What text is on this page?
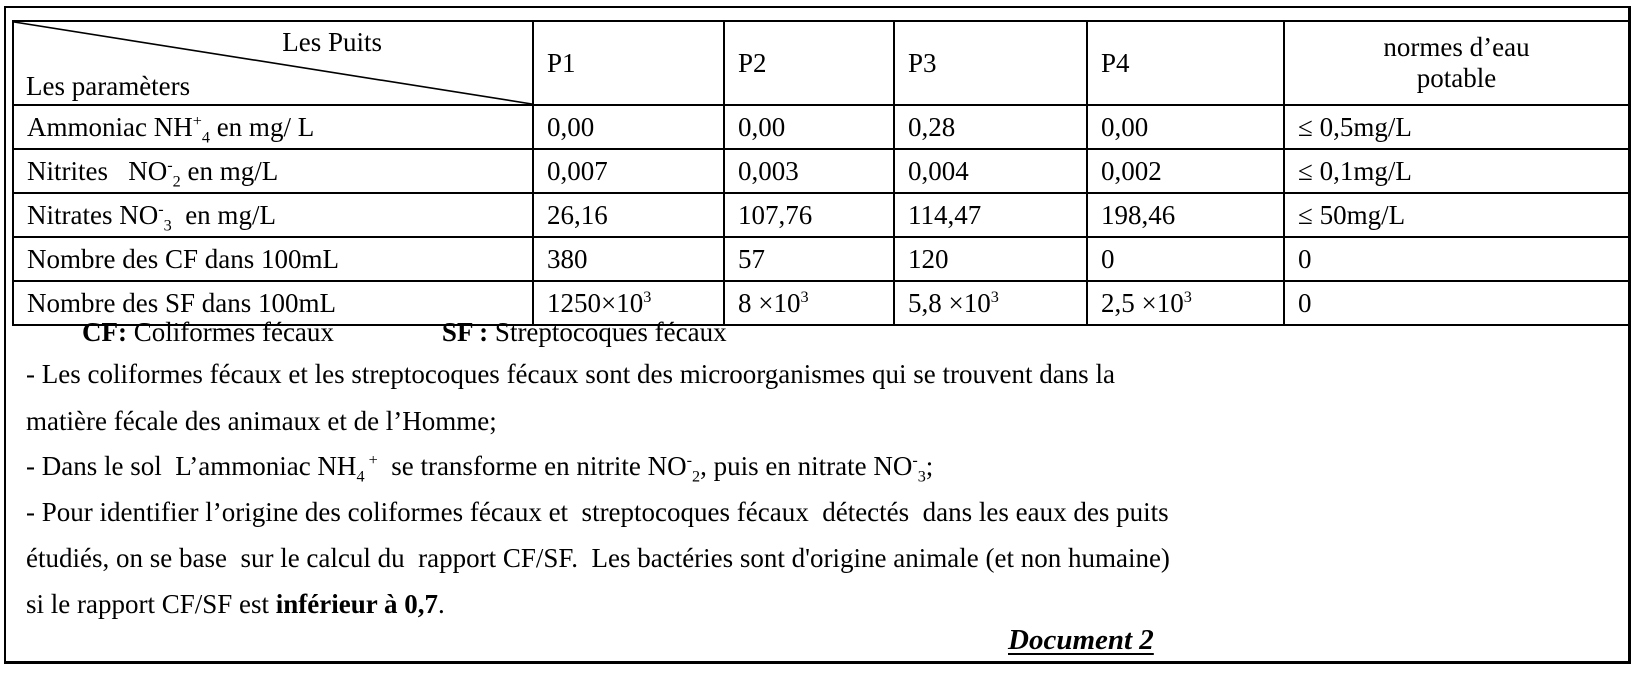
Les Puits
Les paramèters	P1	P2	P3	P4	normes d’eau
potable
Ammoniac $NH^+_4$ en mg/ L	0,00	0,00	0,28	0,00	≤ 0,5mg/L
Nitrites   $NO^-_2$ en mg/L	0,007	0,003	0,004	0,002	≤ 0,1mg/L
Nitrates $NO^-_3$  en mg/L	26,16	107,76	114,47	198,46	≤ 50mg/L
Nombre des CF dans 100mL	380	57	120	0	0
Nombre des SF dans 100mL	$1250\times 10^3$	$8 \times 10^3$	$5,8 \times 10^3$	$2,5 \times 10^3$	0
CF: Coliformes fécaux	SF : Streptocoques fécaux
- Les coliformes fécaux et les streptocoques fécaux sont des microorganismes qui se trouvent dans la
matière fécale des animaux et de l’Homme;
- Dans le sol  L’ammoniac $NH_4$ +  se transforme en nitrite $NO^-_2$, puis en nitrate $NO^-_3$;
- Pour identifier l’origine des coliformes fécaux et  streptocoques fécaux  détectés  dans les eaux des puits
étudiés, on se base  sur le calcul du  rapport CF/SF.  Les bactéries sont d'origine animale (et non humaine)
si le rapport CF/SF est inférieur à 0,7.
Document 2
